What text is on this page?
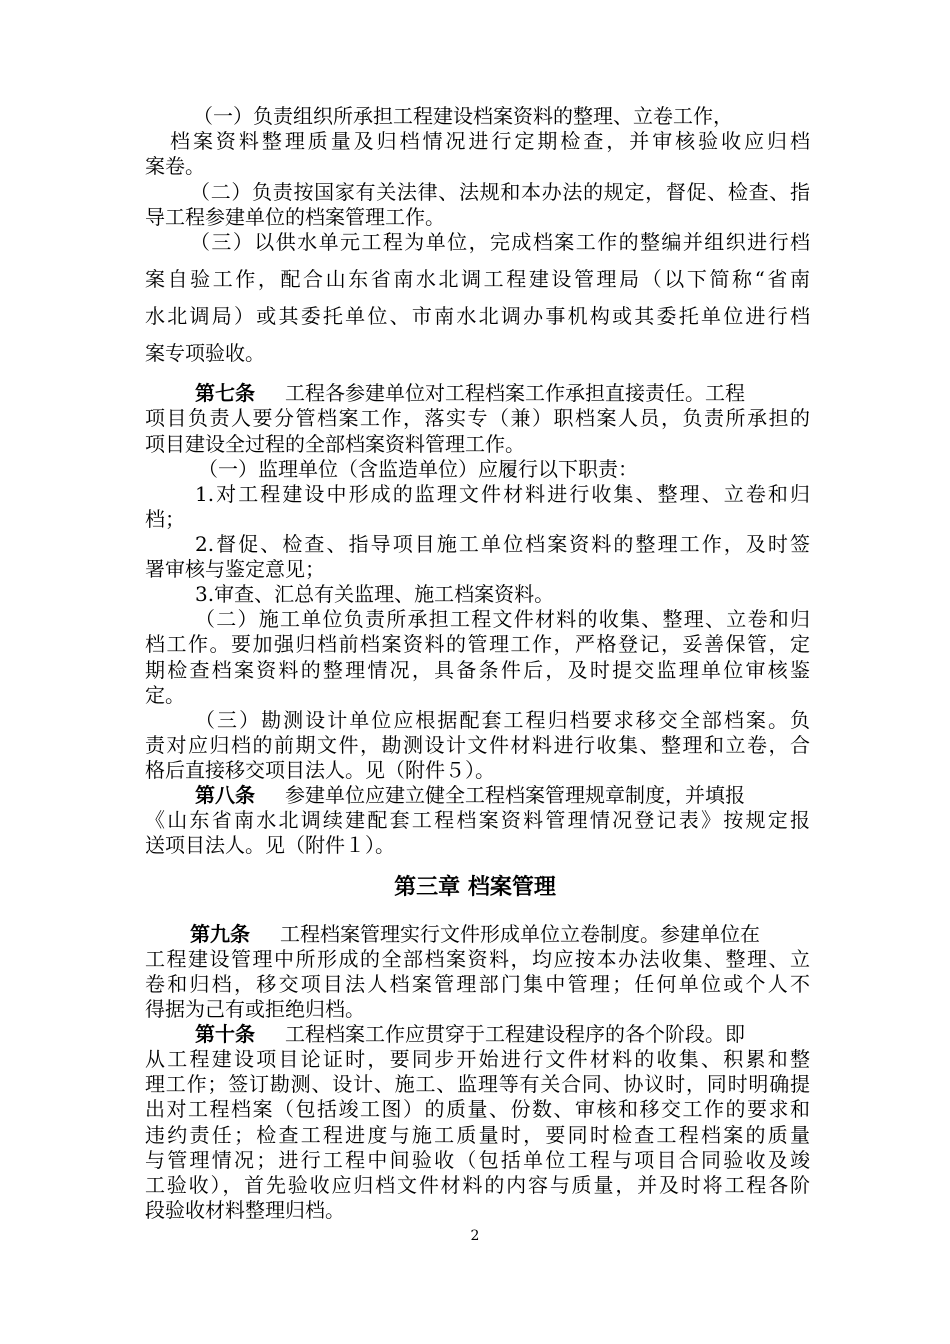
（一）负责组织所承担工程建设档案资料的整理、立卷工作，
档案资料整理质量及归档情况进行定期检查，并审核验收应归档
案卷。
（二）负责按国家有关法律、法规和本办法的规定，督促、检查、指
导工程参建单位的档案管理工作。
（三）以供水单元工程为单位，完成档案工作的整编并组织进行档
案自验工作，配合山东省南水北调工程建设管理局（以下简称“省南
水北调局）或其委托单位、市南水北调办事机构或其委托单位进行档
案专项验收。
第七条 工程各参建单位对工程档案工作承担直接责任。工程
项目负责人要分管档案工作，落实专（兼）职档案人员，负责所承担的
项目建设全过程的全部档案资料管理工作。
（一）监理单位（含监造单位）应履行以下职责：
1.对工程建设中形成的监理文件材料进行收集、整理、立卷和归
档；
2.督促、检查、指导项目施工单位档案资料的整理工作，及时签
署审核与鉴定意见；
3.审查、汇总有关监理、施工档案资料。
（二）施工单位负责所承担工程文件材料的收集、整理、立卷和归
档工作。要加强归档前档案资料的管理工作，严格登记，妥善保管，定
期检查档案资料的整理情况，具备条件后，及时提交监理单位审核鉴
定。
（三）勘测设计单位应根据配套工程归档要求移交全部档案。负
责对应归档的前期文件，勘测设计文件材料进行收集、整理和立卷，合
格后直接移交项目法人。见（附件５）。
第八条 参建单位应建立健全工程档案管理规章制度，并填报
《山东省南水北调续建配套工程档案资料管理情况登记表》按规定报
送项目法人。见（附件１）。
第三章 档案管理
第九条 工程档案管理实行文件形成单位立卷制度。参建单位在
工程建设管理中所形成的全部档案资料，均应按本办法收集、整理、立
卷和归档，移交项目法人档案管理部门集中管理；任何单位或个人不
得据为己有或拒绝归档。
第十条 工程档案工作应贯穿于工程建设程序的各个阶段。即
从工程建设项目论证时，要同步开始进行文件材料的收集、积累和整
理工作；签订勘测、设计、施工、监理等有关合同、协议时，同时明确提
出对工程档案（包括竣工图）的质量、份数、审核和移交工作的要求和
违约责任；检查工程进度与施工质量时，要同时检查工程档案的质量
与管理情况；进行工程中间验收（包括单位工程与项目合同验收及竣
工验收），首先验收应归档文件材料的内容与质量，并及时将工程各阶
段验收材料整理归档。
2
